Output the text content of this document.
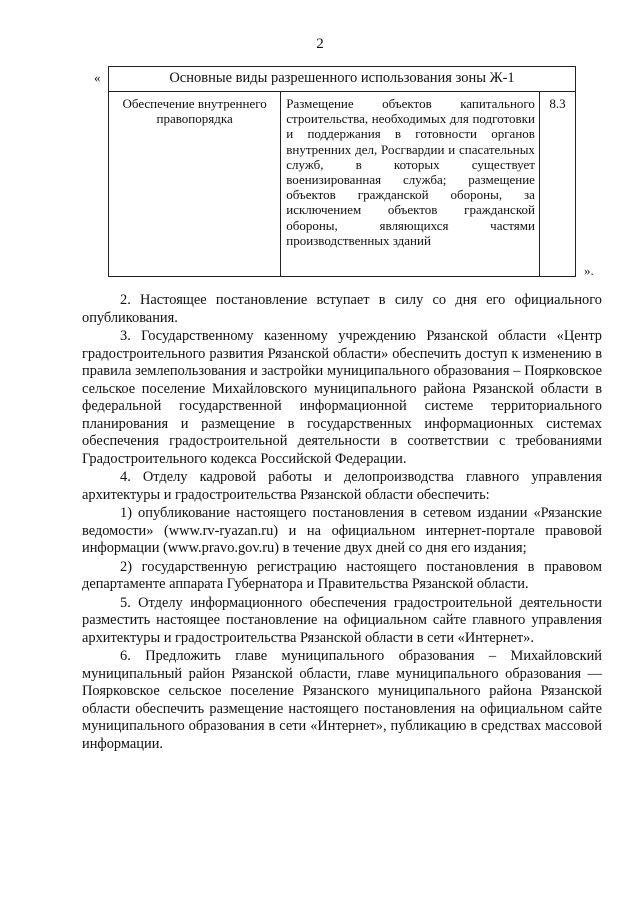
2
«	Основные виды разрешенного использования зоны Ж-1
Обеспечение внутреннего правопорядка	Размещение объектов капитального строительства, необходимых для подготовки и поддержания в готовности органов внутренних дел, Росгвардии и спасательных служб, в которых существует военизированная служба; размещение объектов гражданской обороны, за исключением объектов гражданской обороны, являющихся частями производственных зданий	8.3
».

2. Настоящее постановление вступает в силу со дня его официального опубликования.

3. Государственному казенному учреждению Рязанской области «Центр градостроительного развития Рязанской области» обеспечить доступ к изменению в правила землепользования и застройки муниципального образования – Поярковское сельское поселение Михайловского муниципального района Рязанской области в федеральной государственной информационной системе территориального планирования и размещение в государственных информационных системах обеспечения градостроительной деятельности в соответствии с требованиями Градостроительного кодекса Российской Федерации.

4. Отделу кадровой работы и делопроизводства главного управления архитектуры и градостроительства Рязанской области обеспечить:

1) опубликование настоящего постановления в сетевом издании «Рязанские ведомости» (www.rv-ryazan.ru) и на официальном интернет-портале правовой информации (www.pravo.gov.ru) в течение двух дней со дня его издания;

2) государственную регистрацию настоящего постановления в правовом департаменте аппарата Губернатора и Правительства Рязанской области.

5. Отделу информационного обеспечения градостроительной деятельности разместить настоящее постановление на официальном сайте главного управления архитектуры и градостроительства Рязанской области в сети «Интернет».

6. Предложить главе муниципального образования – Михайловский муниципальный район Рязанской области, главе муниципального образования — Поярковское сельское поселение Рязанского муниципального района Рязанской области обеспечить размещение настоящего постановления на официальном сайте муниципального образования в сети «Интернет», публикацию в средствах массовой информации.
